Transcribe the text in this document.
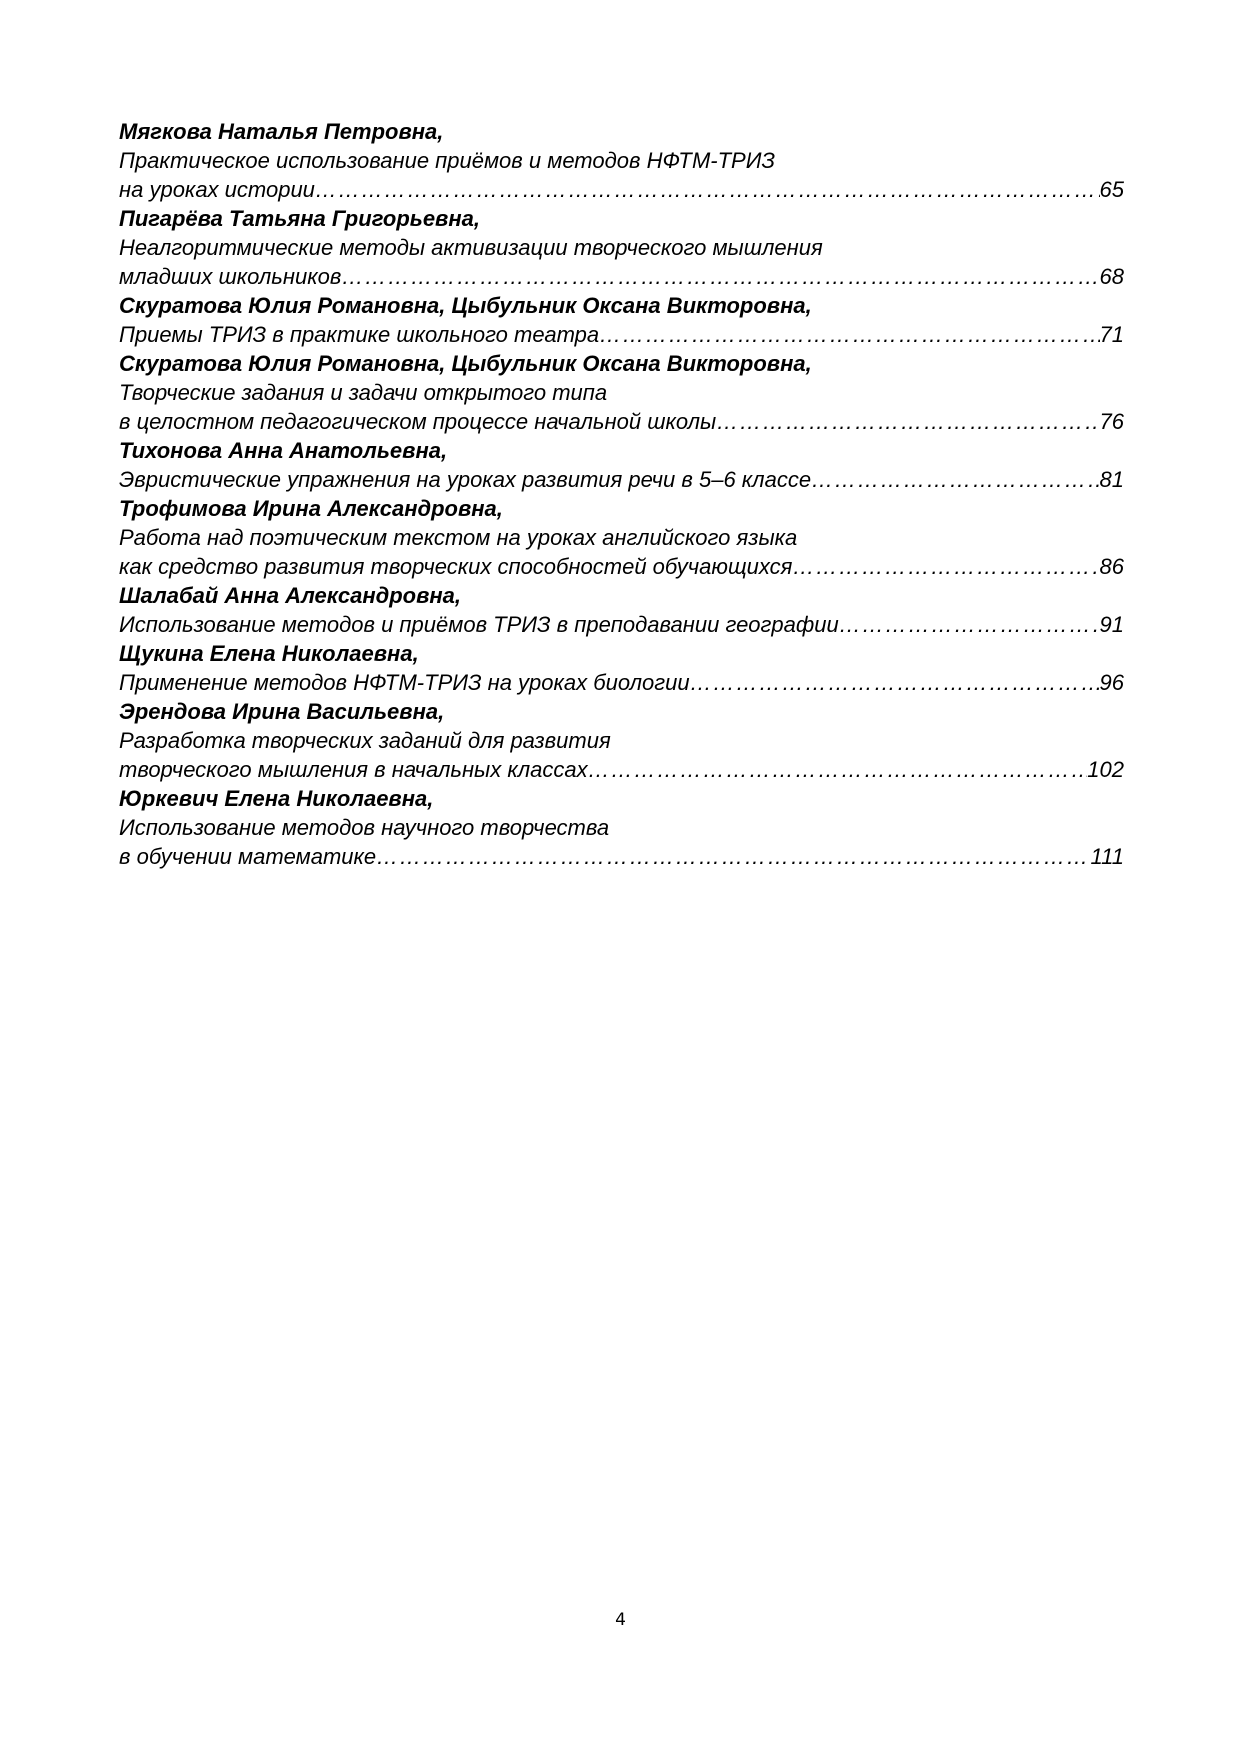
Мягкова Наталья Петровна,
Практическое использование приёмов и методов НФТМ-ТРИЗ
на уроках истории ……………………………………………………………………………………………………………………………………………………………………	65
Пигарёва Татьяна Григорьевна,
Неалгоритмические методы активизации творческого мышления
младших школьников ……………………………………………………………………………………………………………………………………………………………………	68
Скуратова Юлия Романовна, Цыбульник Оксана Викторовна,
Приемы ТРИЗ в практике школьного театра ……………………………………………………………………………………………………………………………………………………………………	71
Скуратова Юлия Романовна, Цыбульник Оксана Викторовна,
Творческие задания и задачи открытого типа
в целостном педагогическом процессе начальной школы ……………………………………………………………………………………………………………………………………………………………………	76
Тихонова Анна Анатольевна,
Эвристические упражнения на уроках развития речи в 5–6 классе ……………………………………………………………………………………………………………………………………………………………………	81
Трофимова Ирина Александровна,
Работа над поэтическим текстом на уроках английского языка
как средство развития творческих способностей обучающихся ……………………………………………………………………………………………………………………………………………………………………	86
Шалабай Анна Александровна,
Использование методов и приёмов ТРИЗ в преподавании географии ……………………………………………………………………………………………………………………………………………………………………	91
Щукина Елена Николаевна,
Применение методов НФТМ-ТРИЗ на уроках биологии ……………………………………………………………………………………………………………………………………………………………………	96
Эрендова Ирина Васильевна,
Разработка творческих заданий для развития
творческого мышления в начальных классах ……………………………………………………………………………………………………………………………………………………………………	102
Юркевич Елена Николаевна,
Использование методов научного творчества
в обучении математике ……………………………………………………………………………………………………………………………………………………………………	111
4
